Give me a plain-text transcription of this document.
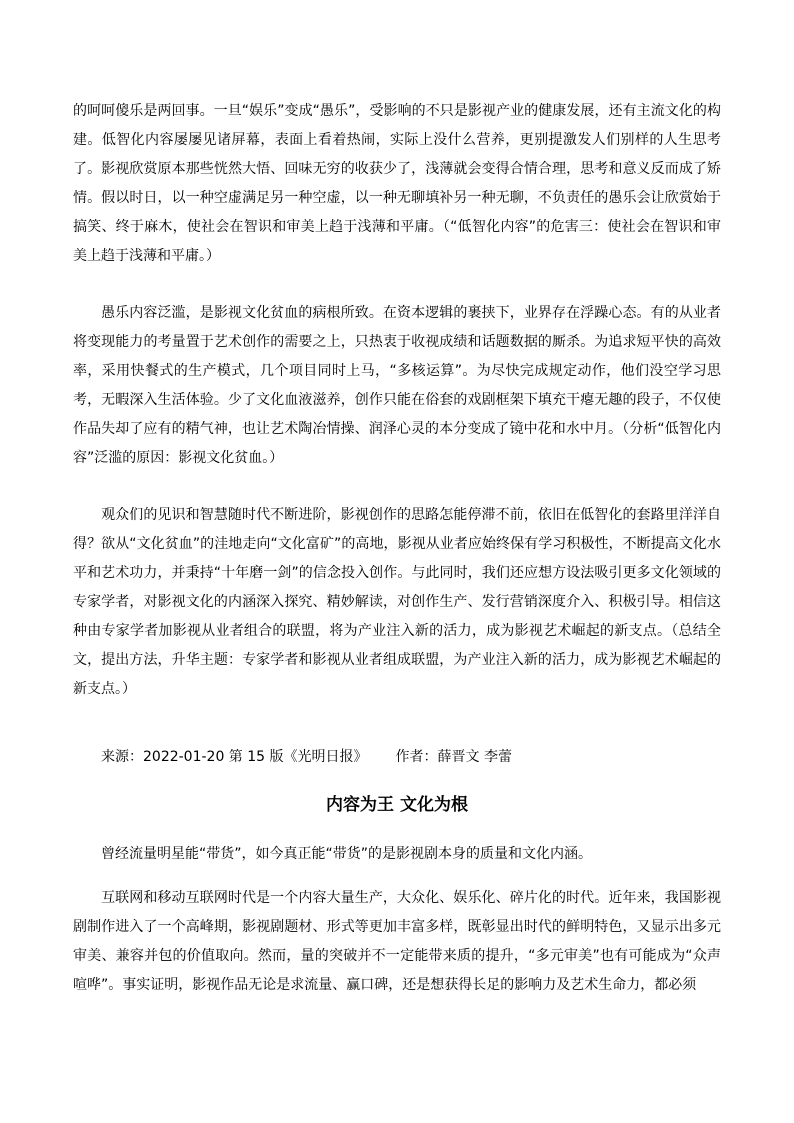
的呵呵傻乐是两回事。一旦“娱乐”变成“愚乐”，受影响的不只是影视产业的健康发展，还有主流文化的构建。低智化内容屡屡见诸屏幕，表面上看着热闹，实际上没什么营养，更别提激发人们别样的人生思考了。影视欣赏原本那些恍然大悟、回味无穷的收获少了，浅薄就会变得合情合理，思考和意义反而成了矫情。假以时日，以一种空虚满足另一种空虚，以一种无聊填补另一种无聊，不负责任的愚乐会让欣赏始于搞笑、终于麻木，使社会在智识和审美上趋于浅薄和平庸。（“低智化内容”的危害三：使社会在智识和审美上趋于浅薄和平庸。）
愚乐内容泛滥，是影视文化贫血的病根所致。在资本逻辑的裹挟下，业界存在浮躁心态。有的从业者将变现能力的考量置于艺术创作的需要之上，只热衷于收视成绩和话题数据的厮杀。为追求短平快的高效率，采用快餐式的生产模式，几个项目同时上马，“多核运算”。为尽快完成规定动作，他们没空学习思考，无暇深入生活体验。少了文化血液滋养，创作只能在俗套的戏剧框架下填充干瘪无趣的段子，不仅使作品失却了应有的精气神，也让艺术陶冶情操、润泽心灵的本分变成了镜中花和水中月。（分析“低智化内容”泛滥的原因：影视文化贫血。）
观众们的见识和智慧随时代不断进阶，影视创作的思路怎能停滞不前，依旧在低智化的套路里洋洋自得？欲从“文化贫血”的洼地走向“文化富矿”的高地，影视从业者应始终保有学习积极性，不断提高文化水平和艺术功力，并秉持“十年磨一剑”的信念投入创作。与此同时，我们还应想方设法吸引更多文化领域的专家学者，对影视文化的内涵深入探究、精妙解读，对创作生产、发行营销深度介入、积极引导。相信这种由专家学者加影视从业者组合的联盟，将为产业注入新的活力，成为影视艺术崛起的新支点。（总结全文，提出方法，升华主题：专家学者和影视从业者组成联盟，为产业注入新的活力，成为影视艺术崛起的新支点。）
来源：2022-01-20 第 15 版《光明日报》 作者：薛晋文 李蕾
内容为王 文化为根
曾经流量明星能“带货”，如今真正能“带货”的是影视剧本身的质量和文化内涵。
互联网和移动互联网时代是一个内容大量生产，大众化、娱乐化、碎片化的时代。近年来，我国影视剧制作进入了一个高峰期，影视剧题材、形式等更加丰富多样，既彰显出时代的鲜明特色，又显示出多元审美、兼容并包的价值取向。然而，量的突破并不一定能带来质的提升，“多元审美”也有可能成为“众声喧哗”。事实证明，影视作品无论是求流量、赢口碑，还是想获得长足的影响力及艺术生命力，都必须
